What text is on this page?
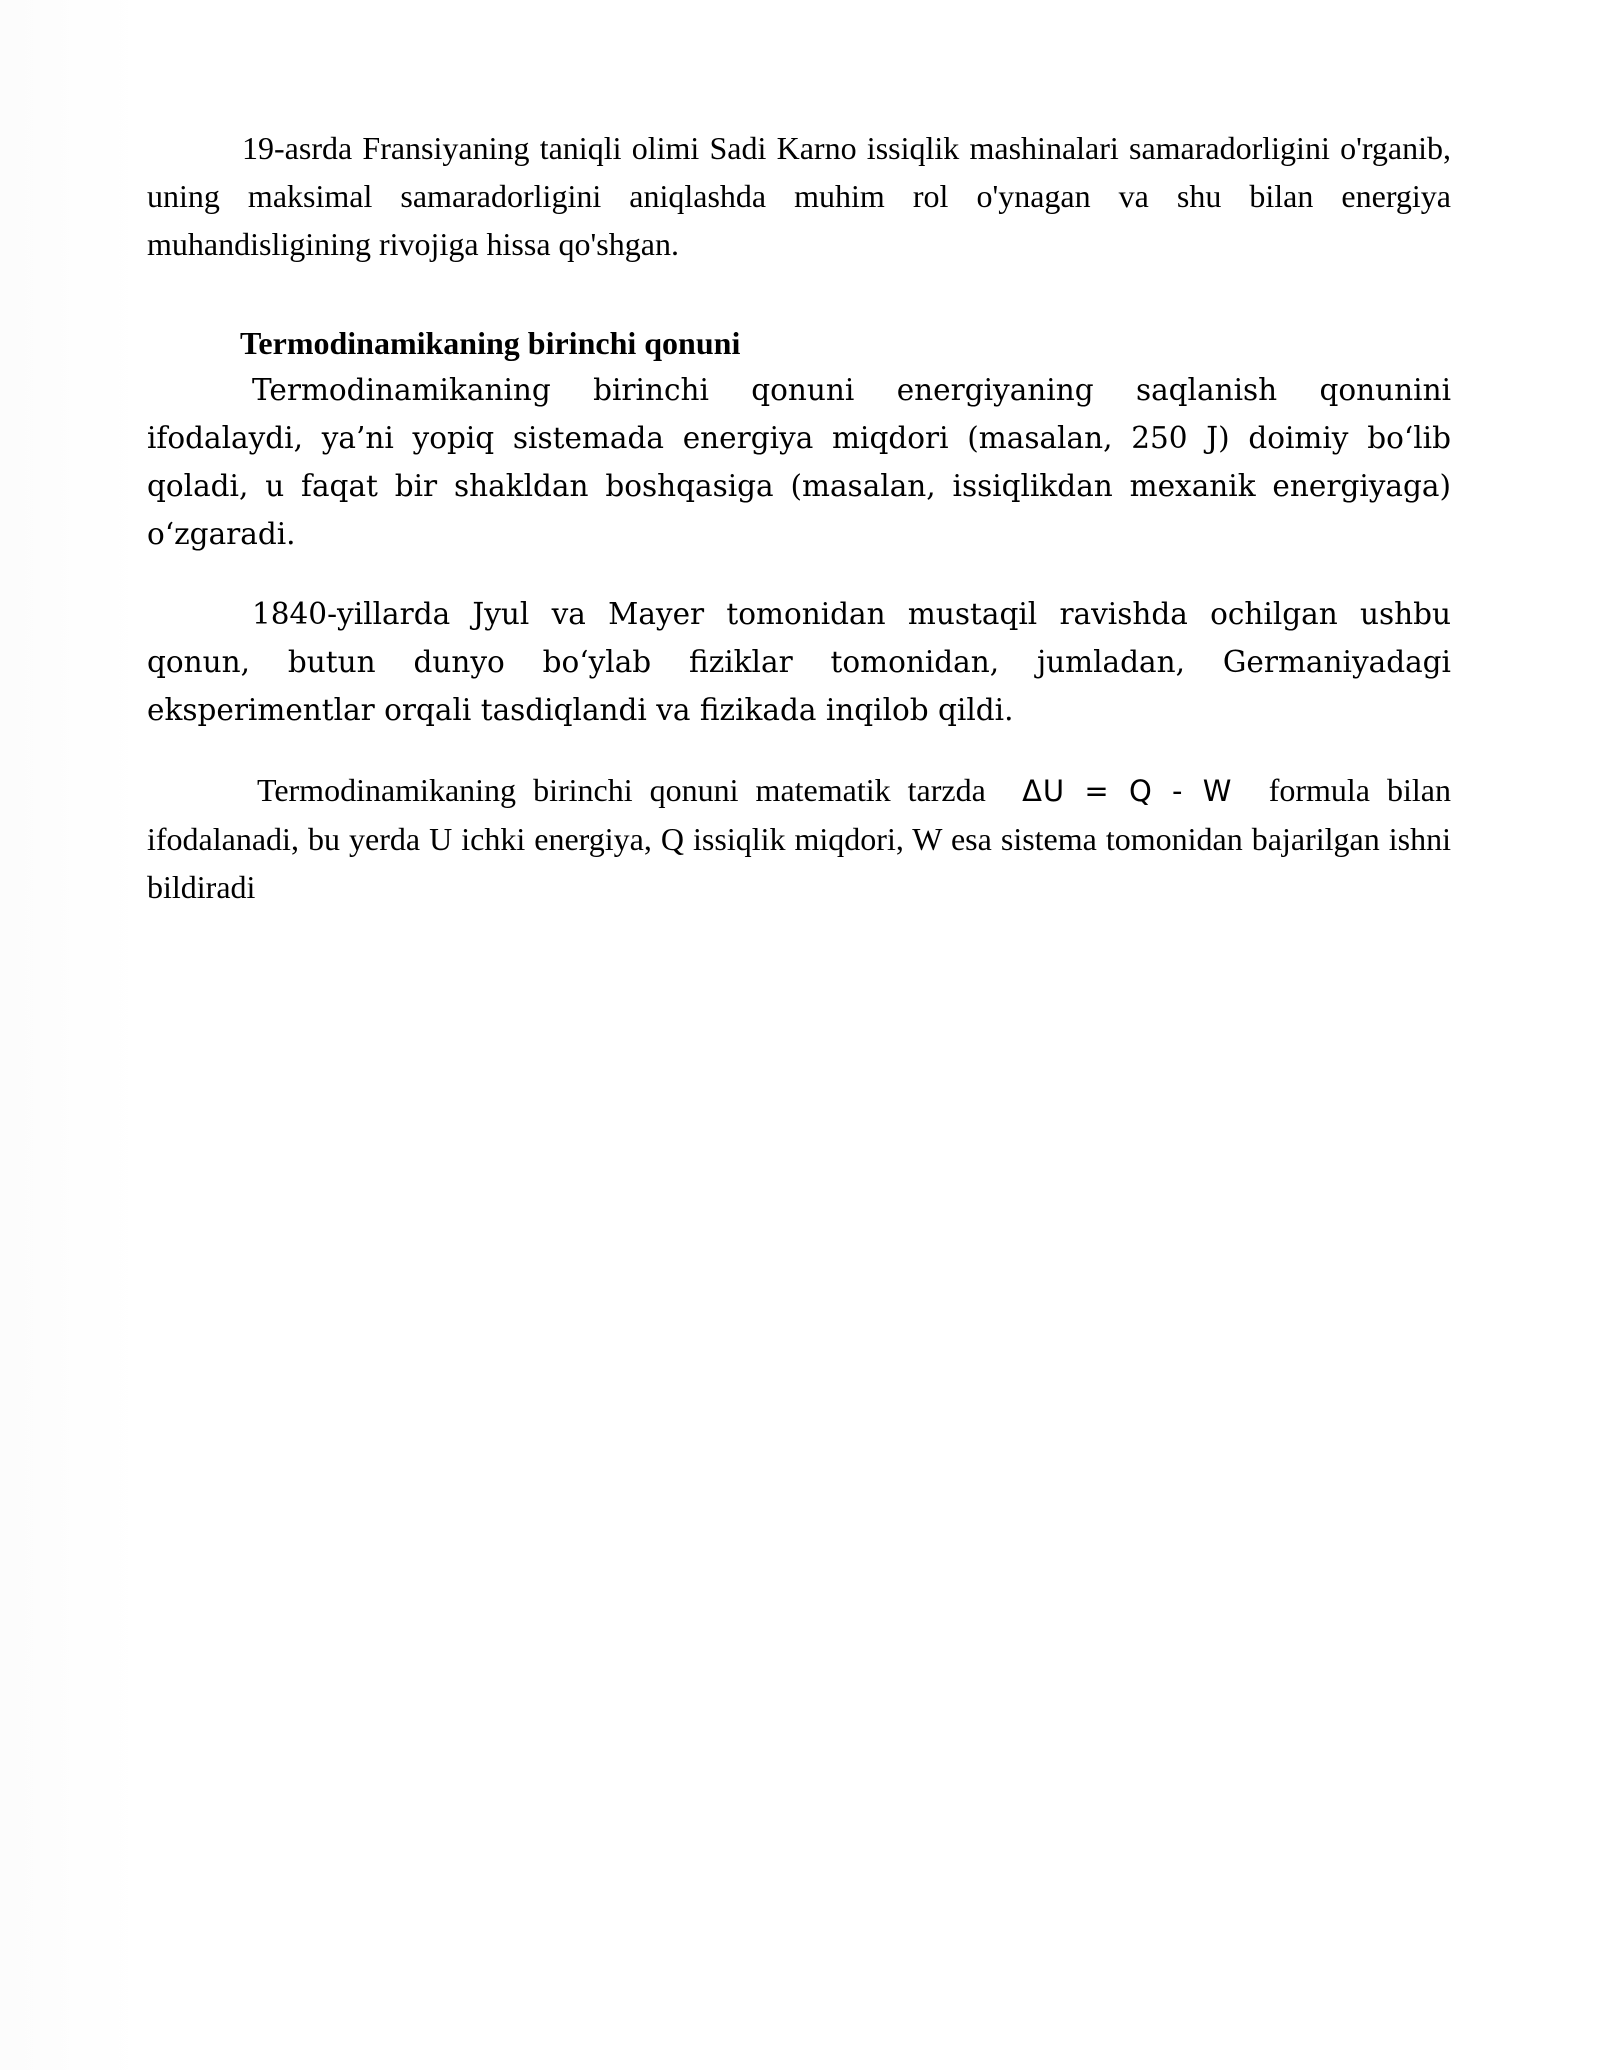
19-asrda Fransiyaning taniqli olimi Sadi Karno issiqlik mashinalari samaradorligini o'rganib, uning maksimal samaradorligini aniqlashda muhim rol o'ynagan va shu bilan energiya muhandisligining rivojiga hissa qo'shgan.

Termodinamikaning birinchi qonuni

Termodinamikaning birinchi qonuni energiyaning saqlanish qonunini ifodalaydi, ya’ni yopiq sistemada energiya miqdori (masalan, 250 J) doimiy bo‘lib qoladi, u faqat bir shakldan boshqasiga (masalan, issiqlikdan mexanik energiyaga) o‘zgaradi.

1840-yillarda Jyul va Mayer tomonidan mustaqil ravishda ochilgan ushbu qonun, butun dunyo bo‘ylab fiziklar tomonidan, jumladan, Germaniyadagi eksperimentlar orqali tasdiqlandi va fizikada inqilob qildi.

Termodinamikaning birinchi qonuni matematik tarzda  ΔU = Q - W  formula bilan ifodalanadi, bu yerda U ichki energiya, Q issiqlik miqdori, W esa sistema tomonidan bajarilgan ishni bildiradi
